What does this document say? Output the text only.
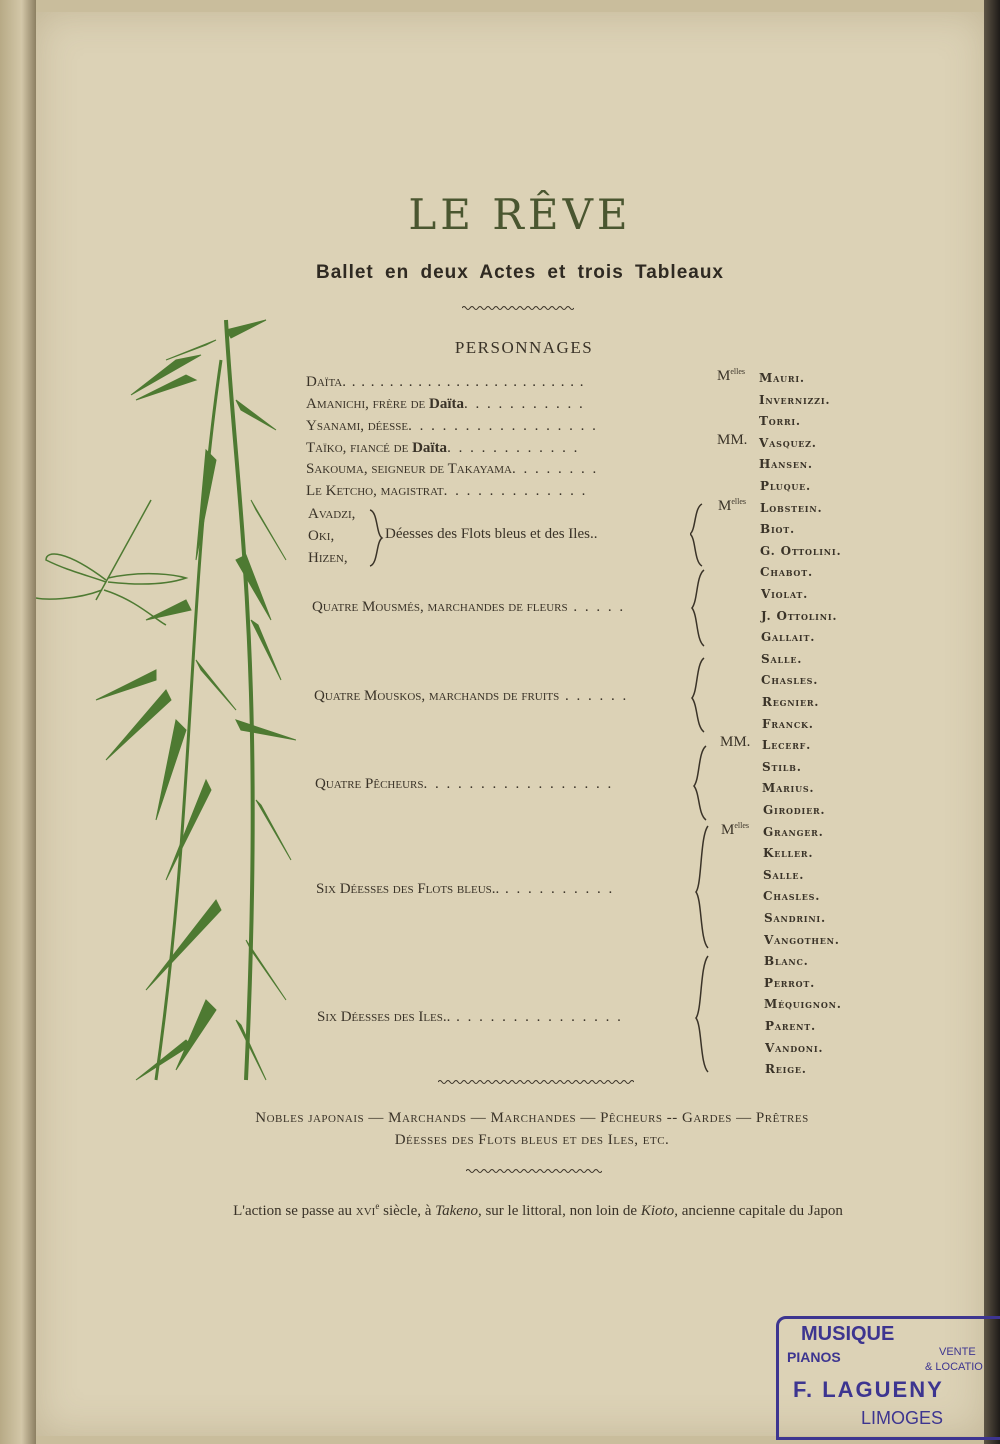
LE RÊVE
Ballet en deux Actes et trois Tableaux
PERSONNAGES
Daïta. . . . . . . . . . . . . . . . . . . . . . . . . .
Amanichi, frère de Daïta. . . . . . . . . . .
Ysanami, déesse. . . . . . . . . . . . . . . . .
Taïko, fiancé de Daïta. . . . . . . . . . . .
Sakouma, seigneur de Takayama. . . . . . . .
Le Ketcho, magistrat. . . . . . . . . . . . .
Avadzi,
Oki,
Hizen,
Déesses des Flots bleus et des Iles..
Quatre Mousmés, marchandes de fleurs . . . . .
Quatre Mouskos, marchands de fruits . . . . . .
Quatre Pêcheurs. . . . . . . . . . . . . . . . .
Six Déesses des Flots bleus.. . . . . . . . . . .
Six Déesses des Iles.. . . . . . . . . . . . . . . .
Mauri.
$M^{elles}$
Invernizzi.
Torri.
Vasquez.
MM.
Hansen.
Pluque.
Lobstein.
$M^{elles}$
Biot.
G. Ottolini.
Chabot.
Violat.
J. Ottolini.
Gallait.
Salle.
Chasles.
Regnier.
Franck.
Lecerf.
MM.
Stilb.
Marius.
Girodier.
Granger.
$M^{elles}$
Keller.
Salle.
Chasles.
Sandrini.
Vangothen.
Blanc.
Perrot.
Méquignon.
Parent.
Vandoni.
Reige.
Nobles japonais — Marchands — Marchandes — Pêcheurs -- Gardes — Prêtres
Déesses des Flots bleus et des Iles, etc.
L'action se passe au xvi$^e$ siècle, à Takeno, sur le littoral, non loin de Kioto, ancienne capitale du Japon
MUSIQUE
PIANOS	VENTE
& LOCATIO
F. LAGUENY
LIMOGES
